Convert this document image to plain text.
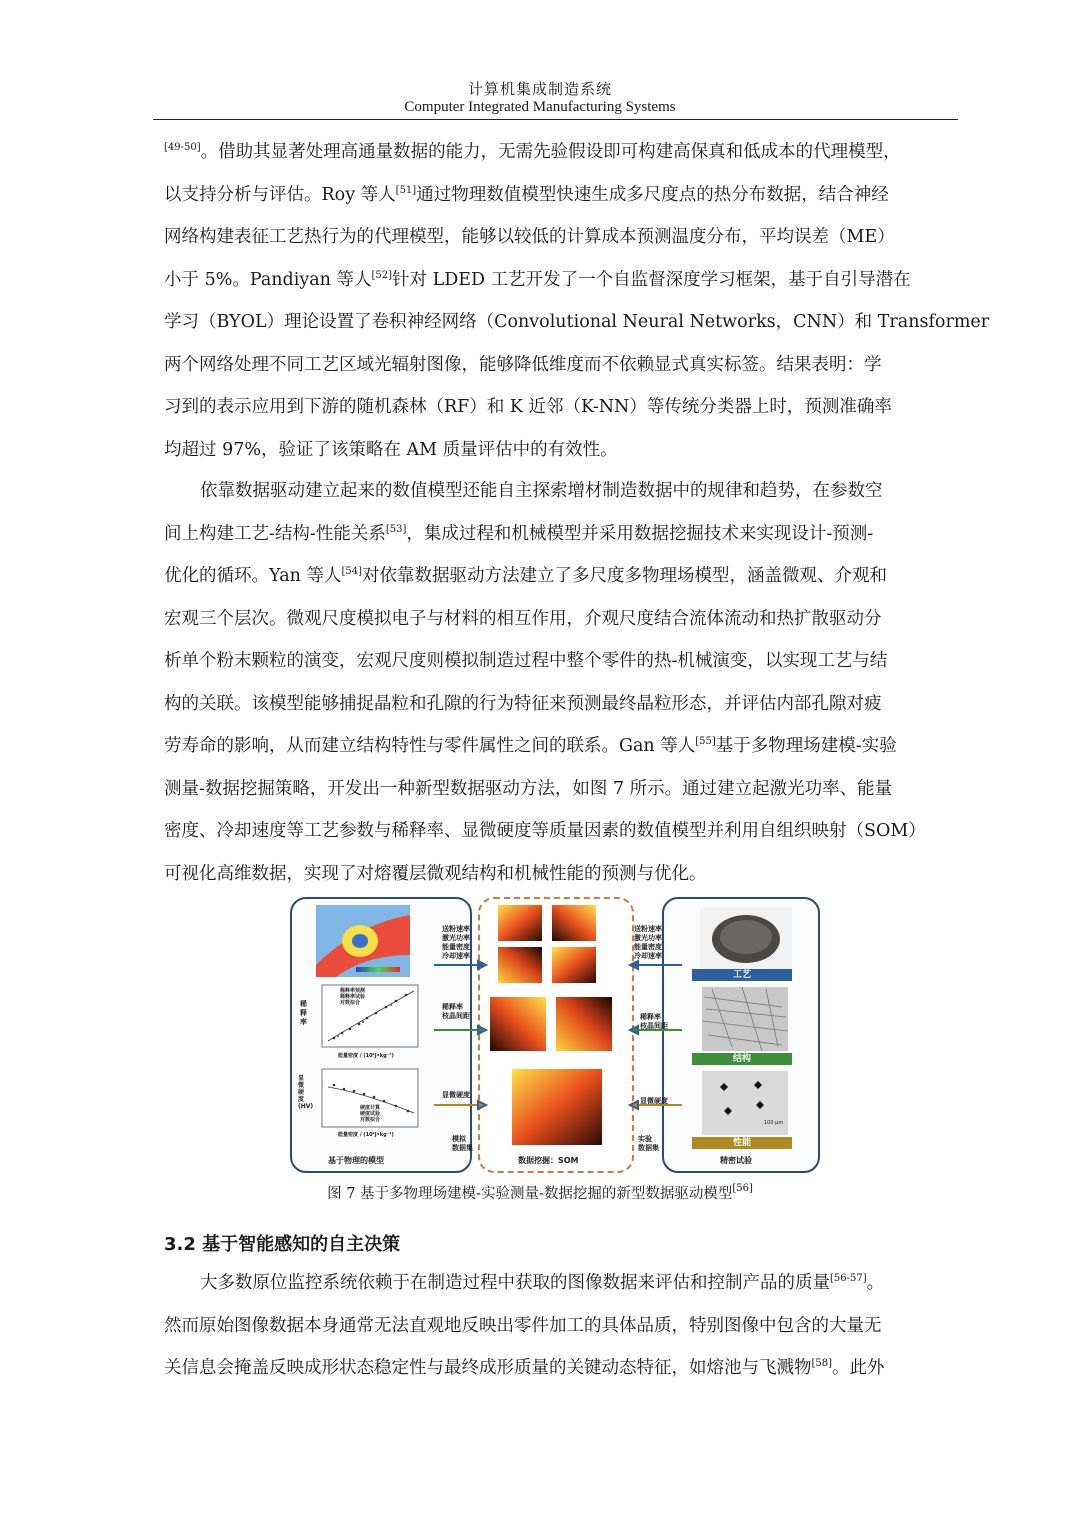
计算机集成制造系统
Computer Integrated Manufacturing Systems
[49-50]。借助其显著处理高通量数据的能力，无需先验假设即可构建高保真和低成本的代理模型，
以支持分析与评估。Roy 等人[51]通过物理数值模型快速生成多尺度点的热分布数据，结合神经
网络构建表征工艺热行为的代理模型，能够以较低的计算成本预测温度分布，平均误差（ME）
小于 5%。Pandiyan 等人[52]针对 LDED 工艺开发了一个自监督深度学习框架，基于自引导潜在
学习（BYOL）理论设置了卷积神经网络（Convolutional Neural Networks，CNN）和 Transformer
两个网络处理不同工艺区域光辐射图像，能够降低维度而不依赖显式真实标签。结果表明：学
习到的表示应用到下游的随机森林（RF）和 K 近邻（K-NN）等传统分类器上时，预测准确率
均超过 97%，验证了该策略在 AM 质量评估中的有效性。
依靠数据驱动建立起来的数值模型还能自主探索增材制造数据中的规律和趋势，在参数空
间上构建工艺-结构-性能关系[53]，集成过程和机械模型并采用数据挖掘技术来实现设计-预测-
优化的循环。Yan 等人[54]对依靠数据驱动方法建立了多尺度多物理场模型，涵盖微观、介观和
宏观三个层次。微观尺度模拟电子与材料的相互作用，介观尺度结合流体流动和热扩散驱动分
析单个粉末颗粒的演变，宏观尺度则模拟制造过程中整个零件的热-机械演变，以实现工艺与结
构的关联。该模型能够捕捉晶粒和孔隙的行为特征来预测最终晶粒形态，并评估内部孔隙对疲
劳寿命的影响，从而建立结构特性与零件属性之间的联系。Gan 等人[55]基于多物理场建模-实验
测量-数据挖掘策略，开发出一种新型数据驱动方法，如图 7 所示。通过建立起激光功率、能量
密度、冷却速度等工艺参数与稀释率、显微硬度等质量因素的数值模型并利用自组织映射（SOM）
可视化高维数据，实现了对熔覆层微观结构和机械性能的预测与优化。
稀释率
稀释率预测
稀释率试验
对数拟合
能量密度 / (10⁹J•kg⁻¹)
显微硬度 (HV)	硬度计算
硬度试验
对数拟合
能量密度 / (10⁹J•kg⁻¹)
基于物理的模型
送粉速率
激光功率
能量密度
冷却速率
稀释率
枝晶间距
显微硬度
模拟
数据集
数据挖掘：SOM
送粉速率
激光功率
能量密度
冷却速率
稀释率
枝晶间距
显微硬度
实验
数据集
工艺
结构
100 μm
性能
精密试验
图 7 基于多物理场建模-实验测量-数据挖掘的新型数据驱动模型[56]
3.2 基于智能感知的自主决策
大多数原位监控系统依赖于在制造过程中获取的图像数据来评估和控制产品的质量[56-57]。
然而原始图像数据本身通常无法直观地反映出零件加工的具体品质，特别图像中包含的大量无
关信息会掩盖反映成形状态稳定性与最终成形质量的关键动态特征，如熔池与飞溅物[58]。此外
